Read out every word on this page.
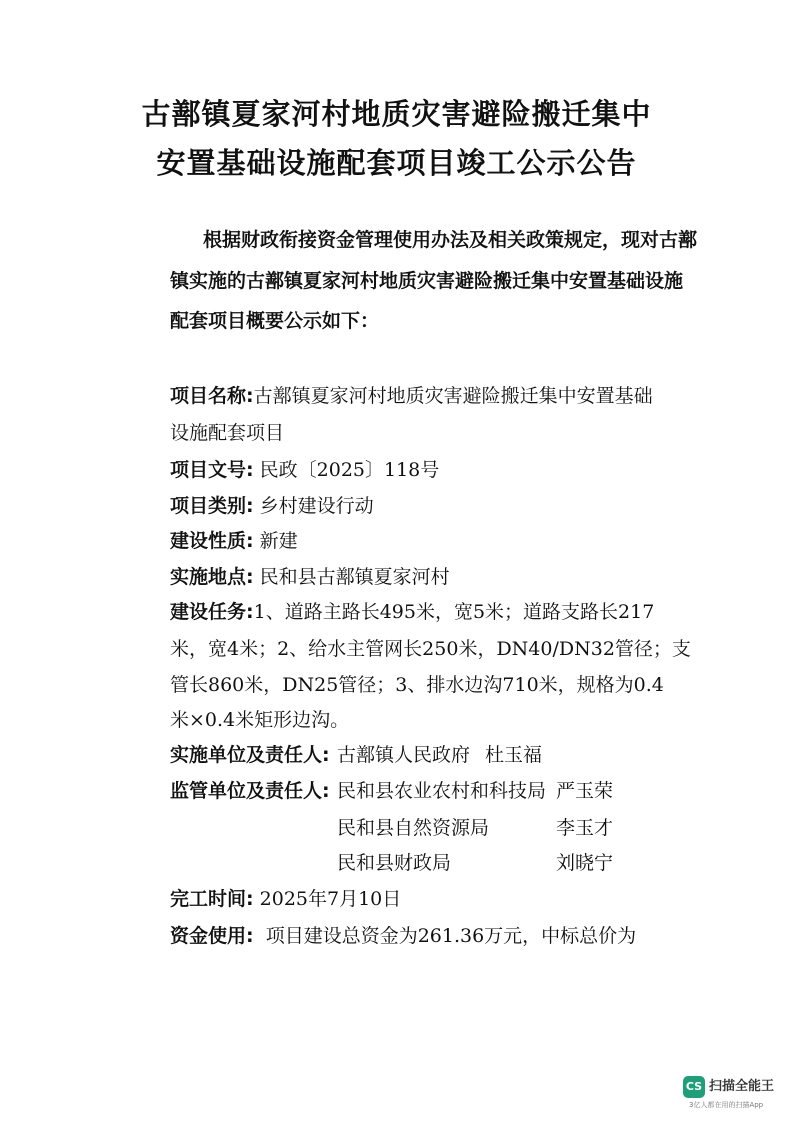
古鄯镇夏家河村地质灾害避险搬迁集中
安置基础设施配套项目竣工公示公告
根据财政衔接资金管理使用办法及相关政策规定，现对古鄯
镇实施的古鄯镇夏家河村地质灾害避险搬迁集中安置基础设施
配套项目概要公示如下：
项目名称:古鄯镇夏家河村地质灾害避险搬迁集中安置基础
设施配套项目
项目文号: 民政〔2025〕118号
项目类别: 乡村建设行动
建设性质: 新建
实施地点: 民和县古鄯镇夏家河村
建设任务:1、道路主路长495米，宽5米；道路支路长217
米，宽4米；2、给水主管网长250米，DN40/DN32管径；支
管长860米，DN25管径；3、排水边沟710米，规格为0.4
米×0.4米矩形边沟。
实施单位及责任人: 古鄯镇人民政府 杜玉福
监管单位及责任人: 民和县农业农村和科技局 严玉荣
民和县自然资源局	李玉才
民和县财政局	刘晓宁
完工时间: 2025年7月10日
资金使用: 项目建设总资金为261.36万元，中标总价为
CS 扫描全能王
3亿人都在用的扫描App
